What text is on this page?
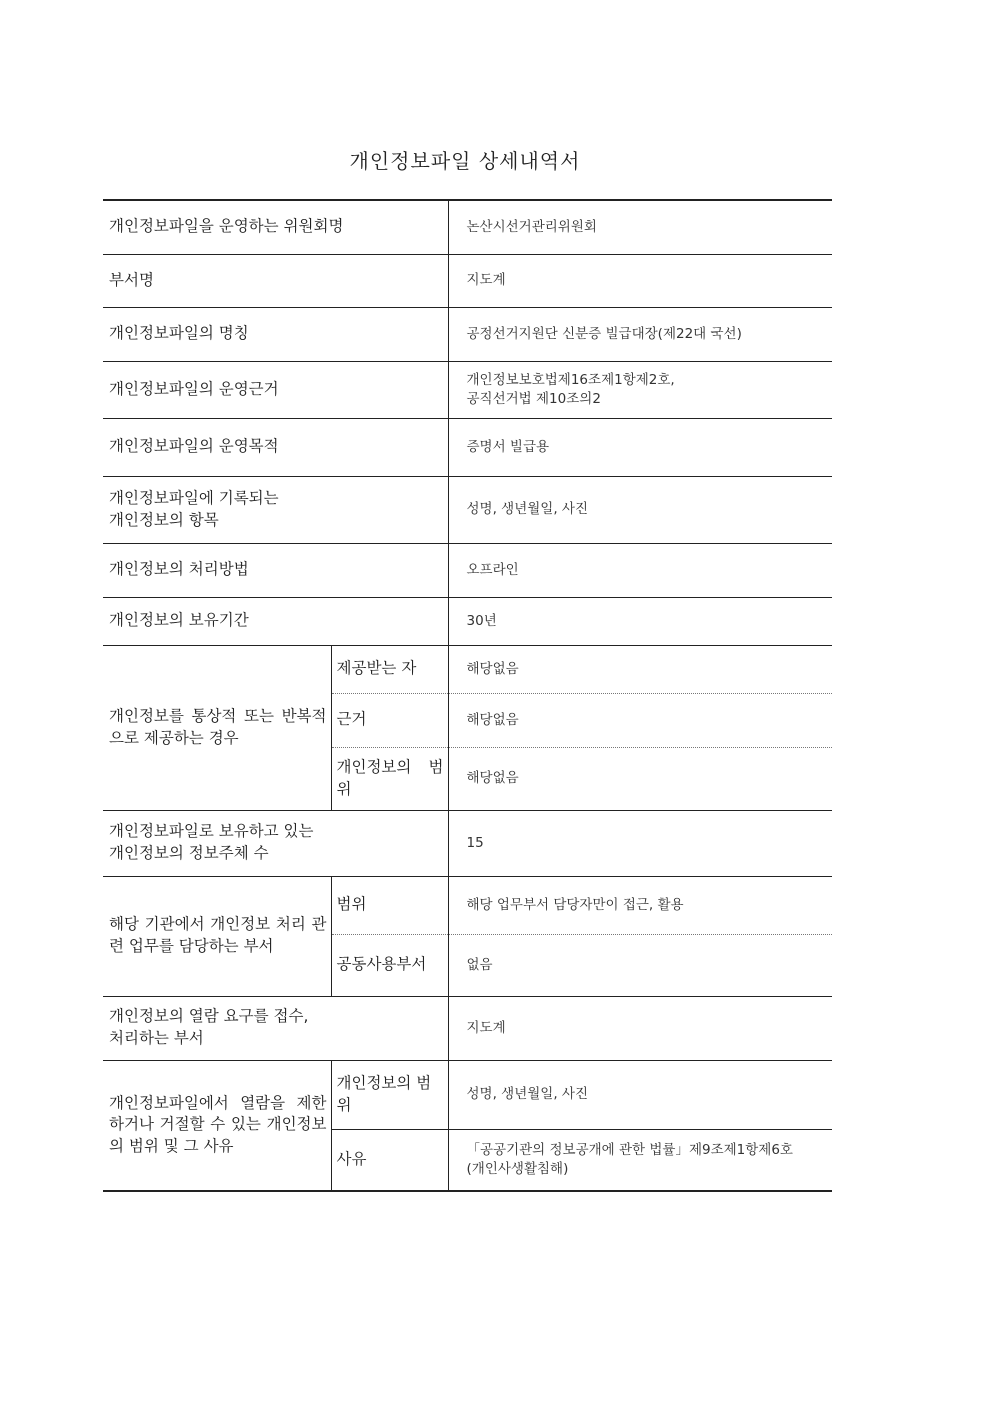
개인정보파일 상세내역서
개인정보파일을 운영하는 위원회명		논산시선거관리위원회
부서명		지도계
개인정보파일의 명칭		공정선거지원단 신분증 빌급대장(제22대 국선)
개인정보파일의 운영근거		개인정보보호법제16조제1항제2호,
공직선거법 제10조의2

개인정보파일의 운영목적		증명서 빌급용

개인정보파일에 기록되는
개인정보의 항목		성명, 생년월일, 사진
개인정보의 처리방법		오프라인
개인정보의 보유기간		30년
개인정보를 통상적 또는 반복적으로 제공하는 경우	제공받는 자	해당없음
	근거	해당없음
	개인정보의 범위	해당없음

개인정보파일로 보유하고 있는
개인정보의 정보주체 수		15
해당 기관에서 개인정보 처리 관련 업무를 담당하는 부서	범위	해당 업무부서 담당자만이 접근, 활용
	공동사용부서	없음

개인정보의 열람 요구를 접수,
처리하는 부서		지도계
개인정보파일에서 열람을 제한하거나 거절할 수 있는 개인정보의 범위 및 그 사유	개인정보의 범위	성명, 생년월일, 사진
	사유	「공공기관의 정보공개에 관한 법률」제9조제1항제6호
(개인사생활침해)
